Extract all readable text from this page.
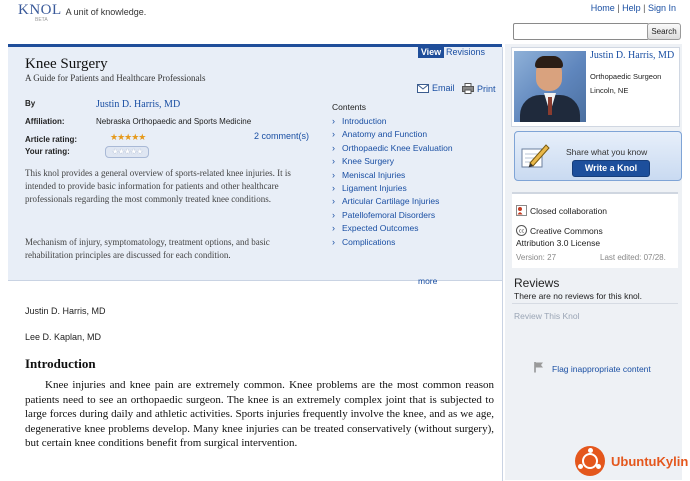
KNOL
BETA
A unit of knowledge.	Home | Help | Sign In
Search
View Revisions
Knee Surgery
A Guide for Patients and Healthcare Professionals
Email Print
By	Justin D. Harris, MD
Affiliation:	Nebraska Orthopaedic and Sports Medicine
Article rating:	★★★★★	2 comment(s)
Your rating:	★★★★★
This knol provides a general overview of sports-related knee injuries. It is intended to provide basic information for patients and other healthcare professionals regarding the most commonly treated knee conditions.
Mechanism of injury, symptomatology, treatment options, and basic rehabilitation principles are discussed for each condition.
Contents
› Introduction
› Anatomy and Function
› Orthopaedic Knee Evaluation
› Knee Surgery
› Meniscal Injuries
› Ligament Injuries
› Articular Cartilage Injuries
› Patellofemoral Disorders
› Expected Outcomes
› Complications
more
Justin D. Harris, MD
Lee D. Kaplan, MD
Introduction
Knee injuries and knee pain are extremely common. Knee problems are the most common reason patients need to see an orthopaedic surgeon. The knee is an extremely complex joint that is subjected to large forces during daily and athletic activities. Sports injuries frequently involve the knee, and as we age, degenerative knee problems develop. Many knee injuries can be treated conservatively (without surgery), but certain knee conditions benefit from surgical intervention.
Justin D. Harris, MD
Orthopaedic Surgeon
Lincoln, NE
Share what you know
Write a Knol
Closed collaboration
cc Creative Commons
Attribution 3.0 License
Version: 27	Last edited: 07/28.
Reviews
There are no reviews for this knol.
Review This Knol
Flag inappropriate content
UbuntuKylin
